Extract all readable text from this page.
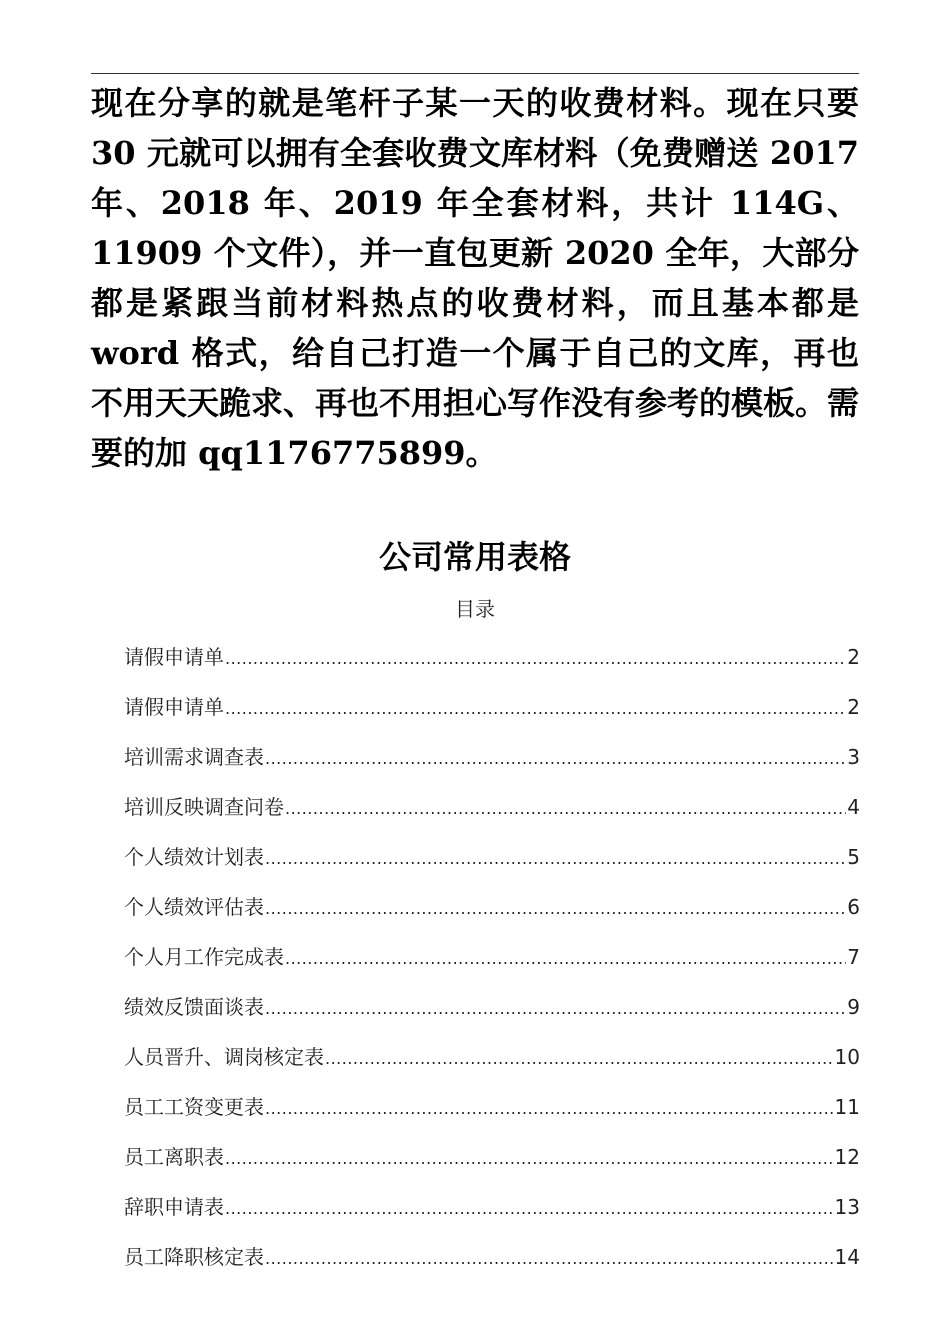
现在分享的就是笔杆子某一天的收费材料。现在只要 30 元就可以拥有全套收费文库材料（免费赠送 2017 年、2018 年、2019 年全套材料，共计 114G、11909 个文件），并一直包更新 2020 全年，大部分都是紧跟当前材料热点的收费材料，而且基本都是 word 格式，给自己打造一个属于自己的文库，再也不用天天跪求、再也不用担心写作没有参考的模板。需要的加 qq1176775899。

公司常用表格
目录
请假申请单 .....	2
请假申请单 .....	2
培训需求调查表 .....	3
培训反映调查问卷 .....	4
个人绩效计划表 .....	5
个人绩效评估表 .....	6
个人月工作完成表 .....	7
绩效反馈面谈表 .....	9
人员晋升、调岗核定表 .....	10
员工工资变更表 .....	11
员工离职表 .....	12
辞职申请表 .....	13
员工降职核定表 .....	14
